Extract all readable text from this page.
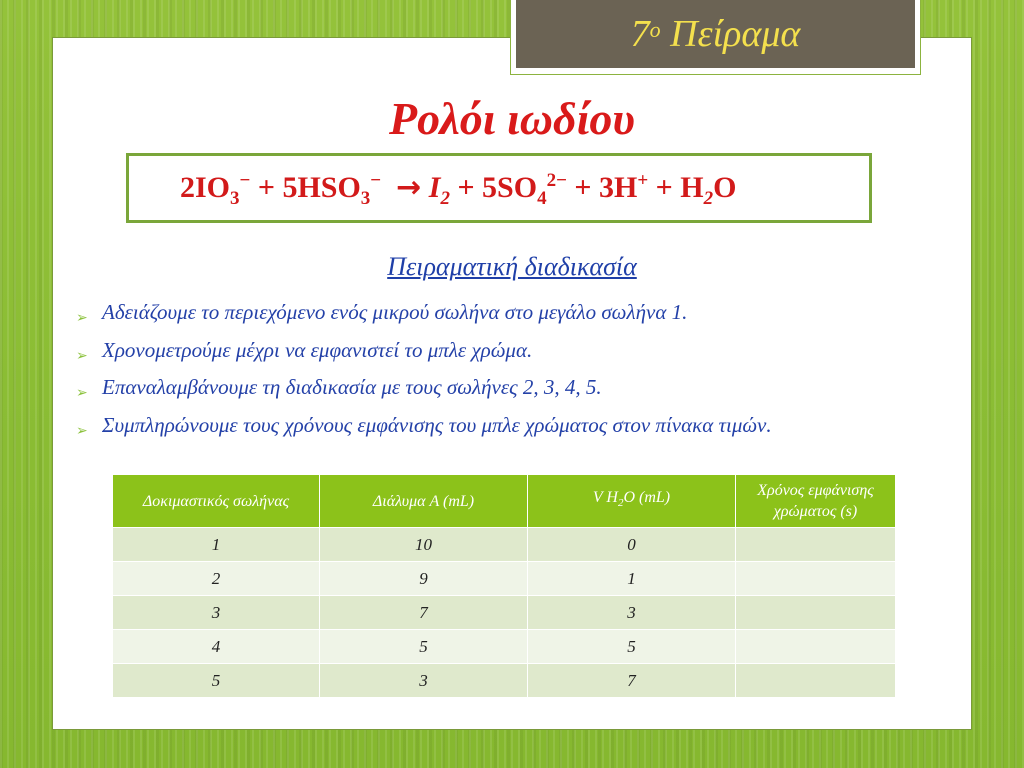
$7^o$
Πείραμα
Ρολόι ιωδίου
$2IO_3^- + 5HSO_3^- \to I_2 + 5SO_4^{2-} + 3H^+ + H_2O$
Πειραματική διαδικασία
➢ Αδειάζουμε το περιεχόμενο ενός μικρού σωλήνα στο μεγάλο σωλήνα 1.
➢ Χρονομετρούμε μέχρι να εμφανιστεί το μπλε χρώμα.
➢ Επαναλαμβάνουμε τη διαδικασία με τους σωλήνες 2, 3, 4, 5.
➢ Συμπληρώνουμε τους χρόνους εμφάνισης του μπλε χρώματος στον πίνακα τιμών.
Δοκιμαστικός σωλήνας	Διάλυμα A (mL)	V $H_2O$ (mL)	Χρόνος εμφάνισης χρώματος (s)
1	10	0	
2	9	1	
3	7	3	
4	5	5	
5	3	7	
